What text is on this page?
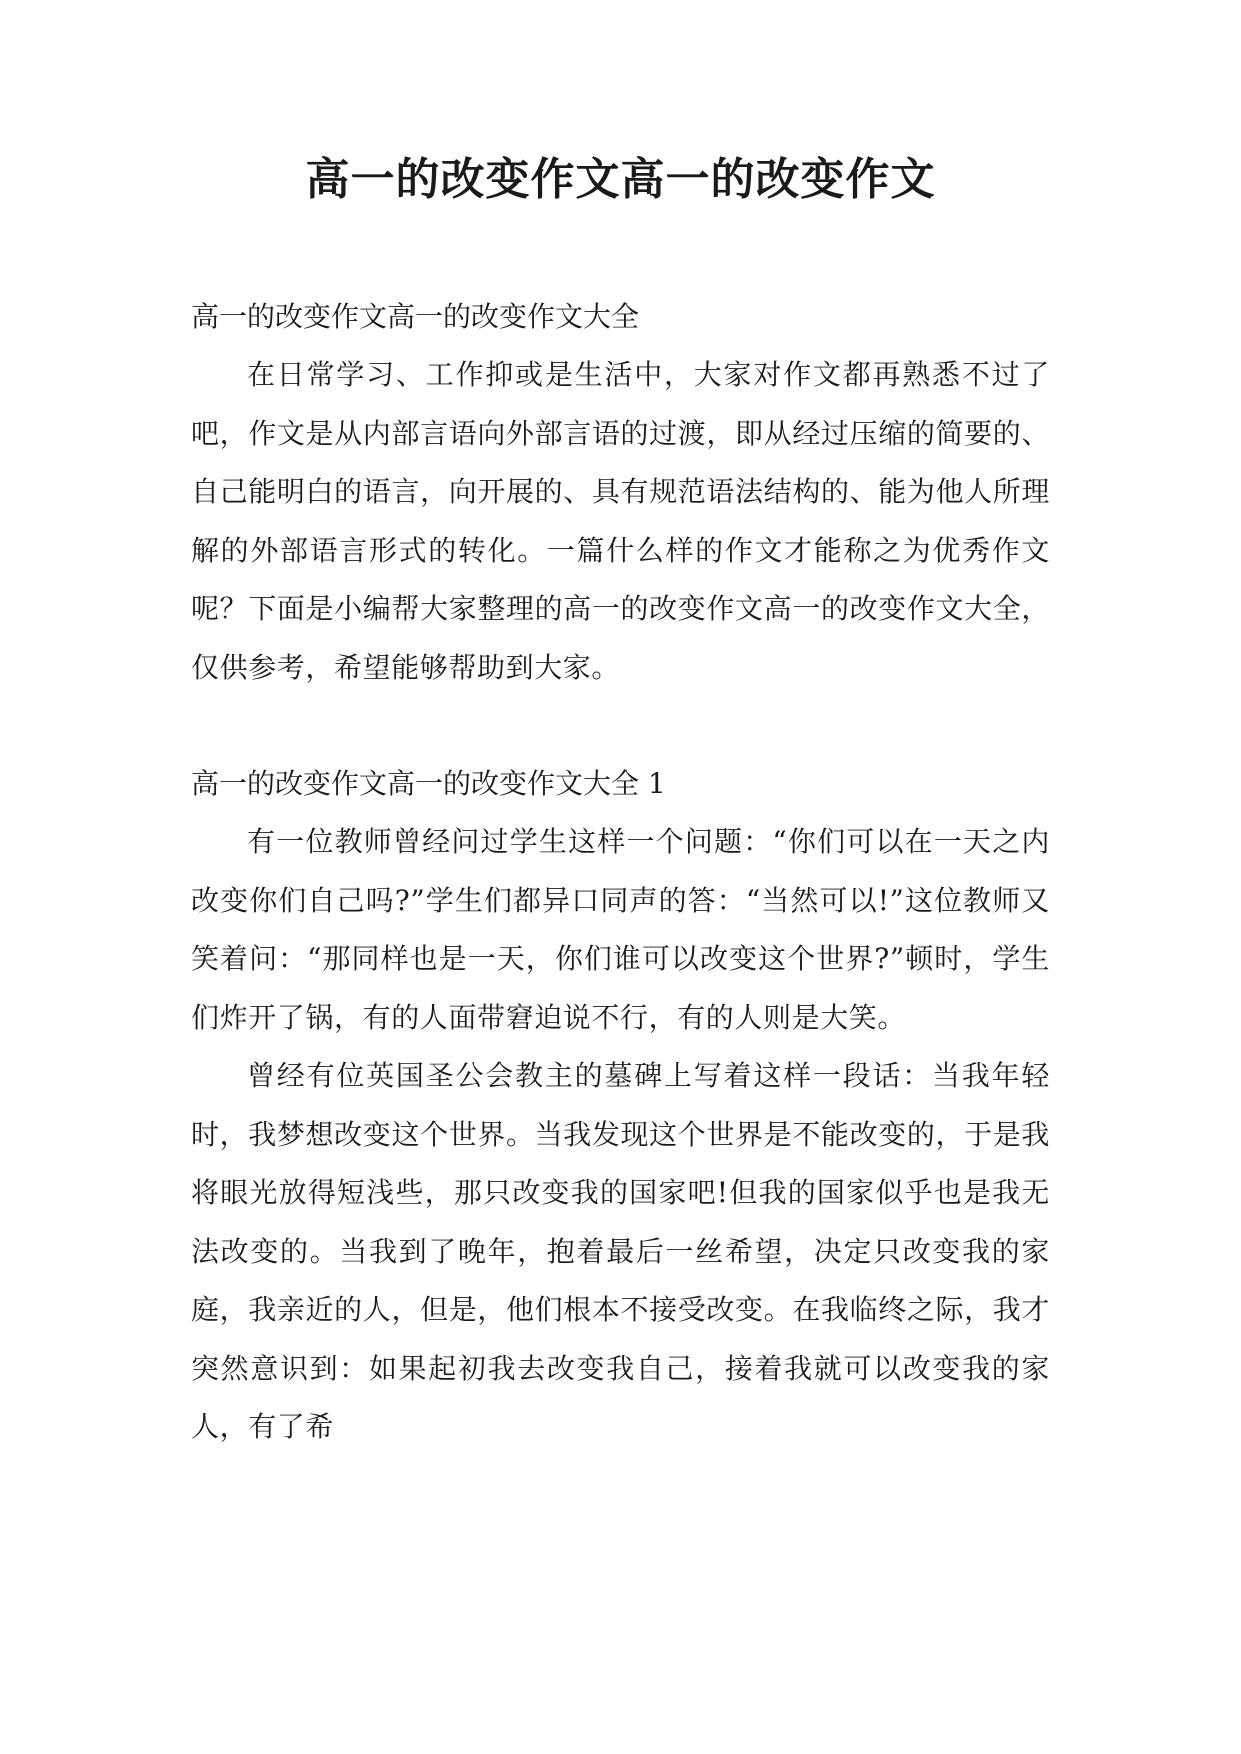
高一的改变作文高一的改变作文
高一的改变作文高一的改变作文大全

在日常学习、工作抑或是生活中，大家对作文都再熟悉不过了吧，作文是从内部言语向外部言语的过渡，即从经过压缩的简要的、自己能明白的语言，向开展的、具有规范语法结构的、能为他人所理解的外部语言形式的转化。一篇什么样的作文才能称之为优秀作文呢？下面是小编帮大家整理的高一的改变作文高一的改变作文大全，仅供参考，希望能够帮助到大家。

高一的改变作文高一的改变作文大全 1

有一位教师曾经问过学生这样一个问题：“你们可以在一天之内改变你们自己吗?”学生们都异口同声的答：“当然可以!”这位教师又笑着问：“那同样也是一天，你们谁可以改变这个世界?”顿时，学生们炸开了锅，有的人面带窘迫说不行，有的人则是大笑。

曾经有位英国圣公会教主的墓碑上写着这样一段话：当我年轻时，我梦想改变这个世界。当我发现这个世界是不能改变的，于是我将眼光放得短浅些，那只改变我的国家吧!但我的国家似乎也是我无法改变的。当我到了晚年，抱着最后一丝希望，决定只改变我的家庭，我亲近的人，但是，他们根本不接受改变。在我临终之际，我才突然意识到：如果起初我去改变我自己，接着我就可以改变我的家人，有了希
